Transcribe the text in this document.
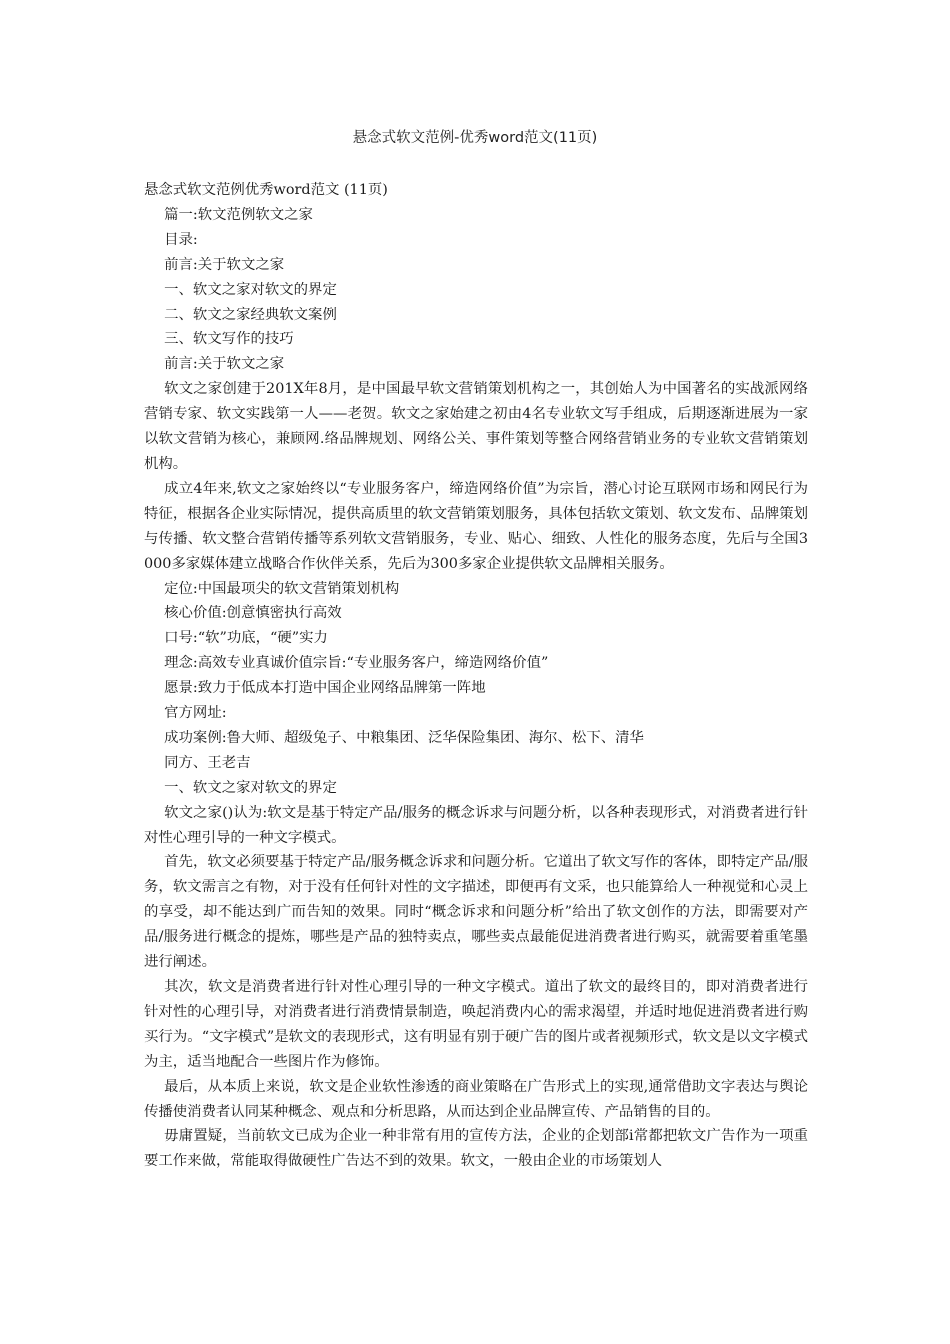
悬念式软文范例-优秀word范文(11页)

悬念式软文范例优秀word范文 (11页)

篇一:软文范例软文之家

目录:

前言:关于软文之家

一、软文之家对软文的界定

二、软文之家经典软文案例

三、软文写作的技巧

前言:关于软文之家

软文之家创建于201X年8月，是中国最早软文营销策划机构之一，其创始人为中国著名的实战派网络营销专家、软文实践第一人——老贺。软文之家始建之初由4名专业软文写手组成，后期逐渐进展为一家以软文营销为核心，兼顾网.络品牌规划、网络公关、事件策划等整合网络营销业务的专业软文营销策划机构。

成立4年来,软文之家始终以“专业服务客户，缔造网络价值”为宗旨，潜心讨论互联网市场和网民行为特征，根据各企业实际情况，提供高质里的软文营销策划服务，具体包括软文策划、软文发布、品牌策划与传播、软文整合营销传播等系列软文营销服务，专业、贴心、细致、人性化的服务态度，先后与全国3000多家媒体建立战略合作伙伴关系，先后为300多家企业提供软文品牌相关服务。

定位:中国最项尖的软文营销策划机构

核心价值:创意慎密执行高效

口号:“软”功底，“硬”实力

理念:高效专业真诚价值宗旨:“专业服务客户，缔造网络价值”

愿景:致力于低成本打造中国企业网络品牌第一阵地

官方网址:

成功案例:鲁大师、超级兔子、中粮集团、泛华保险集团、海尔、松下、清华

同方、王老吉

一、软文之家对软文的界定

软文之家()认为:软文是基于特定产品/服务的概念诉求与问题分析，以各种表现形式，对消费者进行针对性心理引导的一种文字模式。

首先，软文必须要基于特定产品/服务概念诉求和问题分析。它道出了软文写作的客体，即特定产品/服务，软文需言之有物，对于没有任何针对性的文字描述，即便再有文采，也只能算给人一种视觉和心灵上的享受，却不能达到广而告知的效果。同时“概念诉求和问题分析”给出了软文创作的方法，即需要对产品/服务进行概念的提炼，哪些是产品的独特卖点，哪些卖点最能促进消费者进行购买，就需要着重笔墨进行阐述。

其次，软文是消费者进行针对性心理引导的一种文字模式。道出了软文的最终目的，即对消费者进行针对性的心理引导，对消费者进行消费情景制造，唤起消费内心的需求渴望，并适时地促进消费者进行购买行为。“文字模式”是软文的表现形式，这有明显有别于硬广告的图片或者视频形式，软文是以文字模式为主，适当地配合一些图片作为修饰。

最后，从本质上来说，软文是企业软性渗透的商业策略在广告形式上的实现,通常借助文字表达与舆论传播使消费者认同某种概念、观点和分析思路，从而达到企业品牌宣传、产品销售的目的。

毋庸置疑，当前软文已成为企业一种非常有用的宣传方法，企业的企划部i常都把软文广告作为一项重要工作来做，常能取得做硬性广告达不到的效果。软文，一般由企业的市场策划人
